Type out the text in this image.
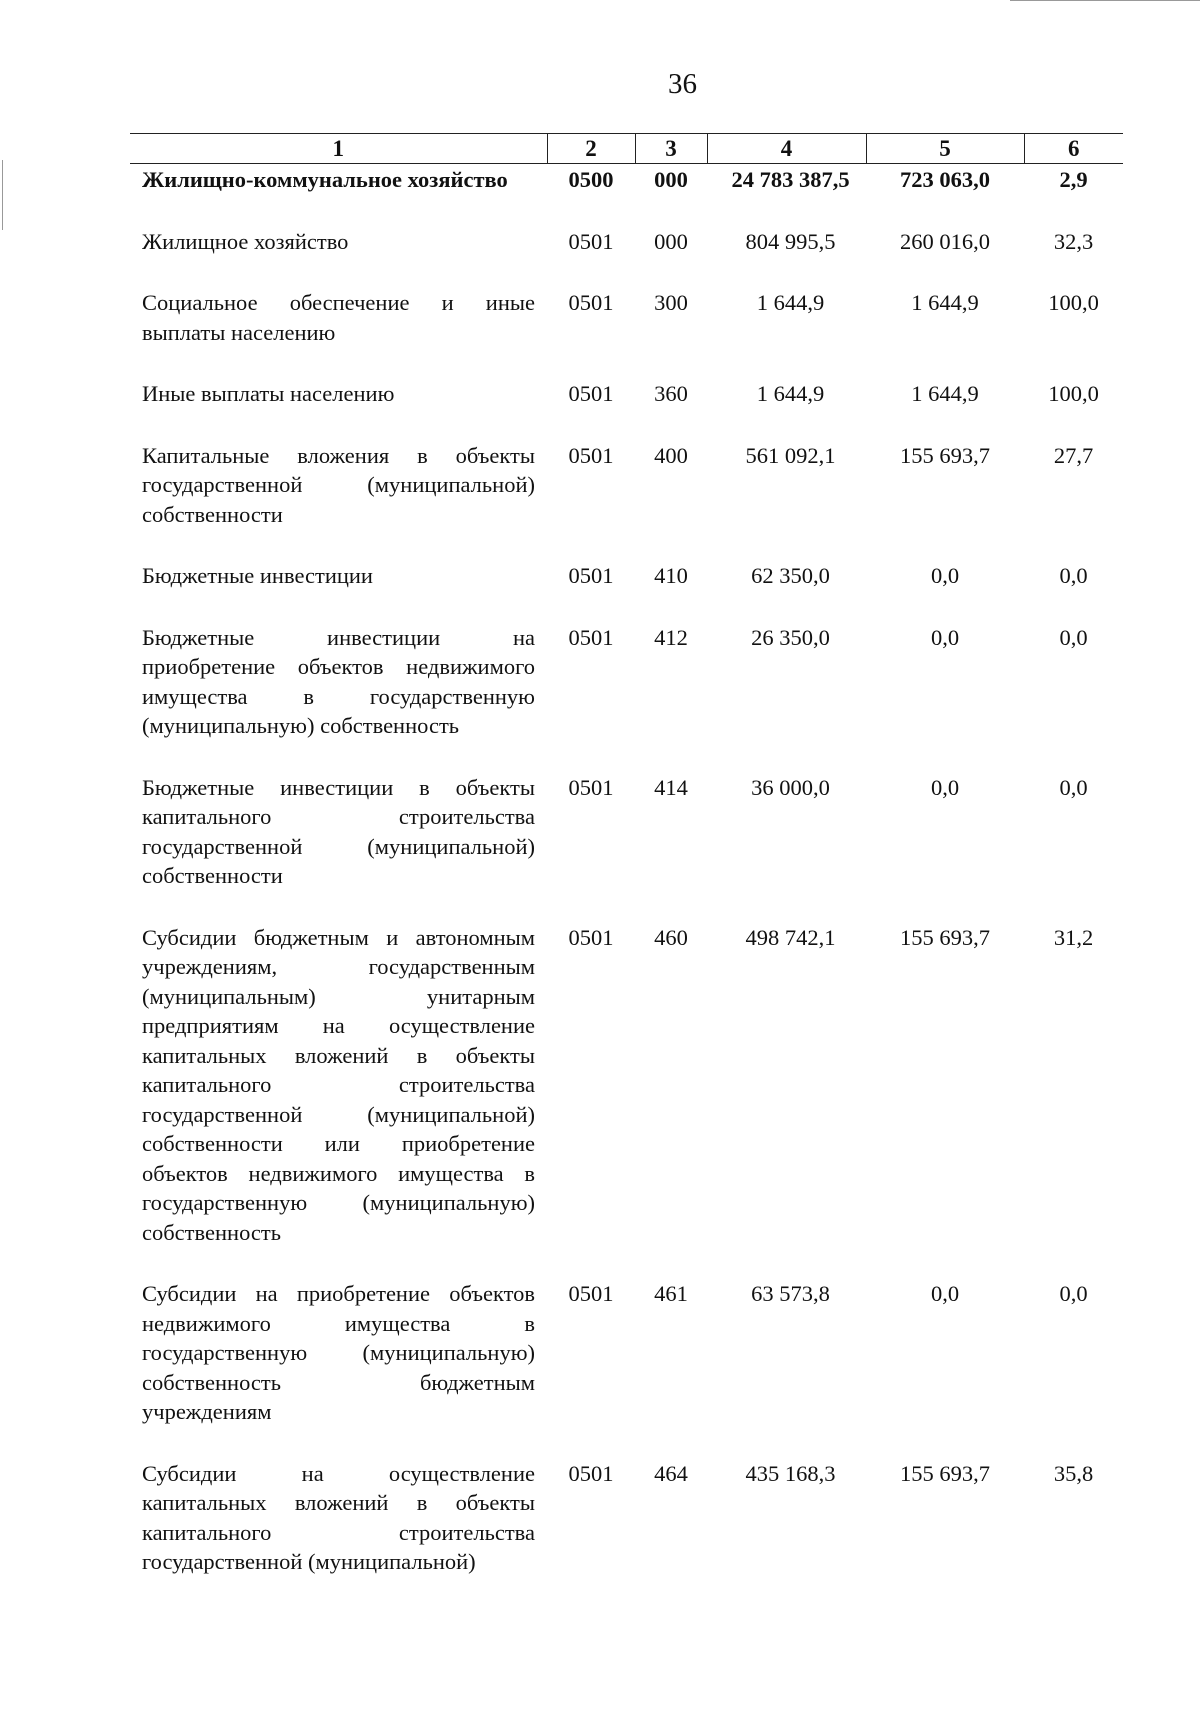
36
1	2	3	4	5	6
Жилищно-коммунальное хозяйство	0500	000	24 783 387,5	723 063,0	2,9
Жилищное хозяйство	0501	000	804 995,5	260 016,0	32,3
Социальное обеспечение и иные выплаты населению	0501	300	1 644,9	1 644,9	100,0
Иные выплаты населению	0501	360	1 644,9	1 644,9	100,0
Капитальные вложения в объекты государственной (муниципальной) собственности	0501	400	561 092,1	155 693,7	27,7
Бюджетные инвестиции	0501	410	62 350,0	0,0	0,0
Бюджетные инвестиции на приобретение объектов недвижимого имущества в государственную (муниципальную) собственность	0501	412	26 350,0	0,0	0,0
Бюджетные инвестиции в объекты капитального строительства государственной (муниципальной) собственности	0501	414	36 000,0	0,0	0,0
Субсидии бюджетным и автономным учреждениям, государственным (муниципальным) унитарным предприятиям на осуществление капитальных вложений в объекты капитального строительства государственной (муниципальной) собственности или приобретение объектов недвижимого имущества в государственную (муниципальную) собственность	0501	460	498 742,1	155 693,7	31,2
Субсидии на приобретение объектов недвижимого имущества в государственную (муниципальную) собственность бюджетным учреждениям	0501	461	63 573,8	0,0	0,0
Субсидии на осуществление капитальных вложений в объекты капитального строительства государственной (муниципальной)	0501	464	435 168,3	155 693,7	35,8
